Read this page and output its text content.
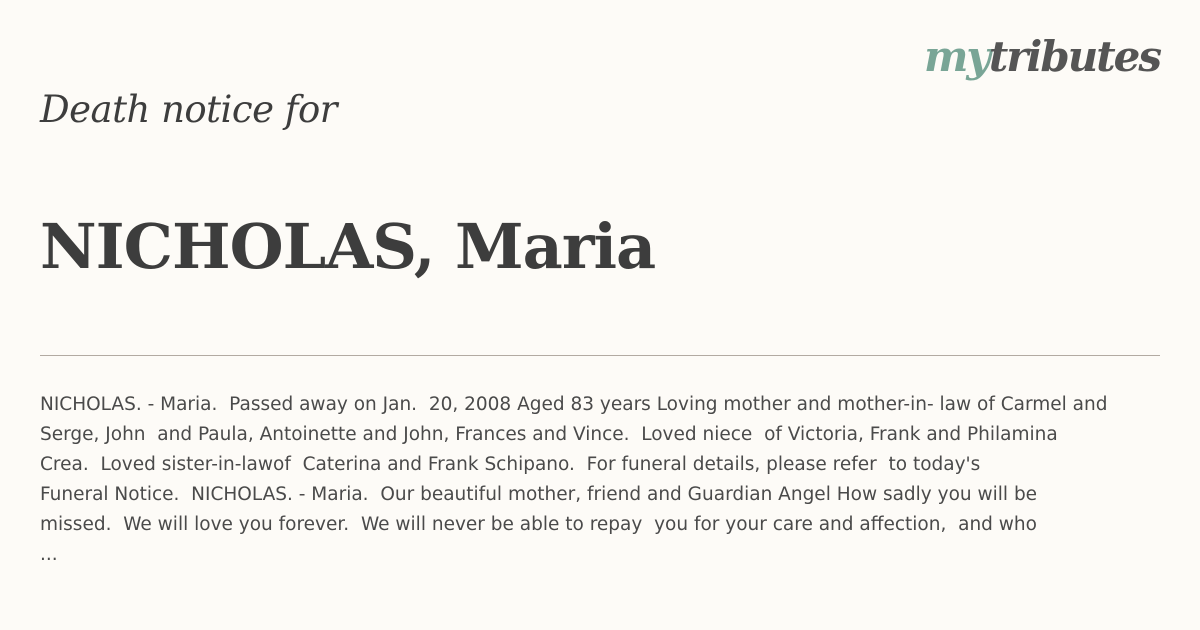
mytributes
Death notice for
NICHOLAS, Maria
NICHOLAS. - Maria.  Passed away on Jan.  20, 2008 Aged 83 years Loving mother and mother-in- law of Carmel and
Serge, John  and Paula, Antoinette and John, Frances and Vince.  Loved niece  of Victoria, Frank and Philamina
Crea.  Loved sister-in-lawof  Caterina and Frank Schipano.  For funeral details, please refer  to today's
Funeral Notice.  NICHOLAS. - Maria.  Our beautiful mother, friend and Guardian Angel How sadly you will be
missed.  We will love you forever.  We will never be able to repay  you for your care and affection,  and who
...
